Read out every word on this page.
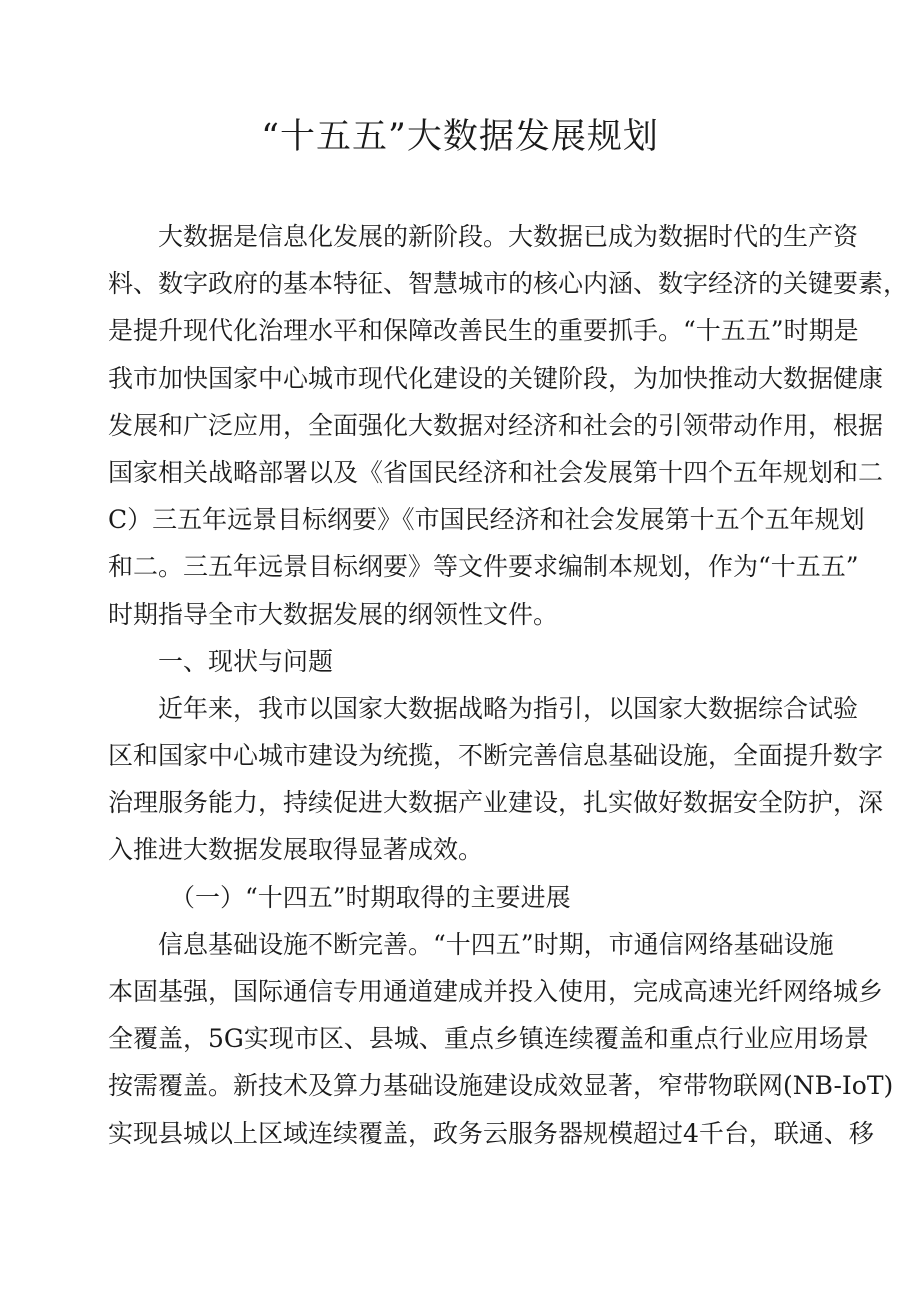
“十五五”大数据发展规划
大数据是信息化发展的新阶段。大数据已成为数据时代的生产资
料、数字政府的基本特征、智慧城市的核心内涵、数字经济的关键要素，
是提升现代化治理水平和保障改善民生的重要抓手。“十五五”时期是
我市加快国家中心城市现代化建设的关键阶段，为加快推动大数据健康
发展和广泛应用，全面强化大数据对经济和社会的引领带动作用，根据
国家相关战略部署以及《省国民经济和社会发展第十四个五年规划和二
C）三五年远景目标纲要》《市国民经济和社会发展第十五个五年规划
和二。三五年远景目标纲要》等文件要求编制本规划，作为“十五五”
时期指导全市大数据发展的纲领性文件。
一、现状与问题
近年来，我市以国家大数据战略为指引，以国家大数据综合试验
区和国家中心城市建设为统揽，不断完善信息基础设施，全面提升数字
治理服务能力，持续促进大数据产业建设，扎实做好数据安全防护，深
入推进大数据发展取得显著成效。
（一）“十四五”时期取得的主要进展
信息基础设施不断完善。“十四五”时期，市通信网络基础设施
本固基强，国际通信专用通道建成并投入使用，完成高速光纤网络城乡
全覆盖，5G实现市区、县城、重点乡镇连续覆盖和重点行业应用场景
按需覆盖。新技术及算力基础设施建设成效显著，窄带物联网(NB-IoT)
实现县城以上区域连续覆盖，政务云服务器规模超过4千台，联通、移
